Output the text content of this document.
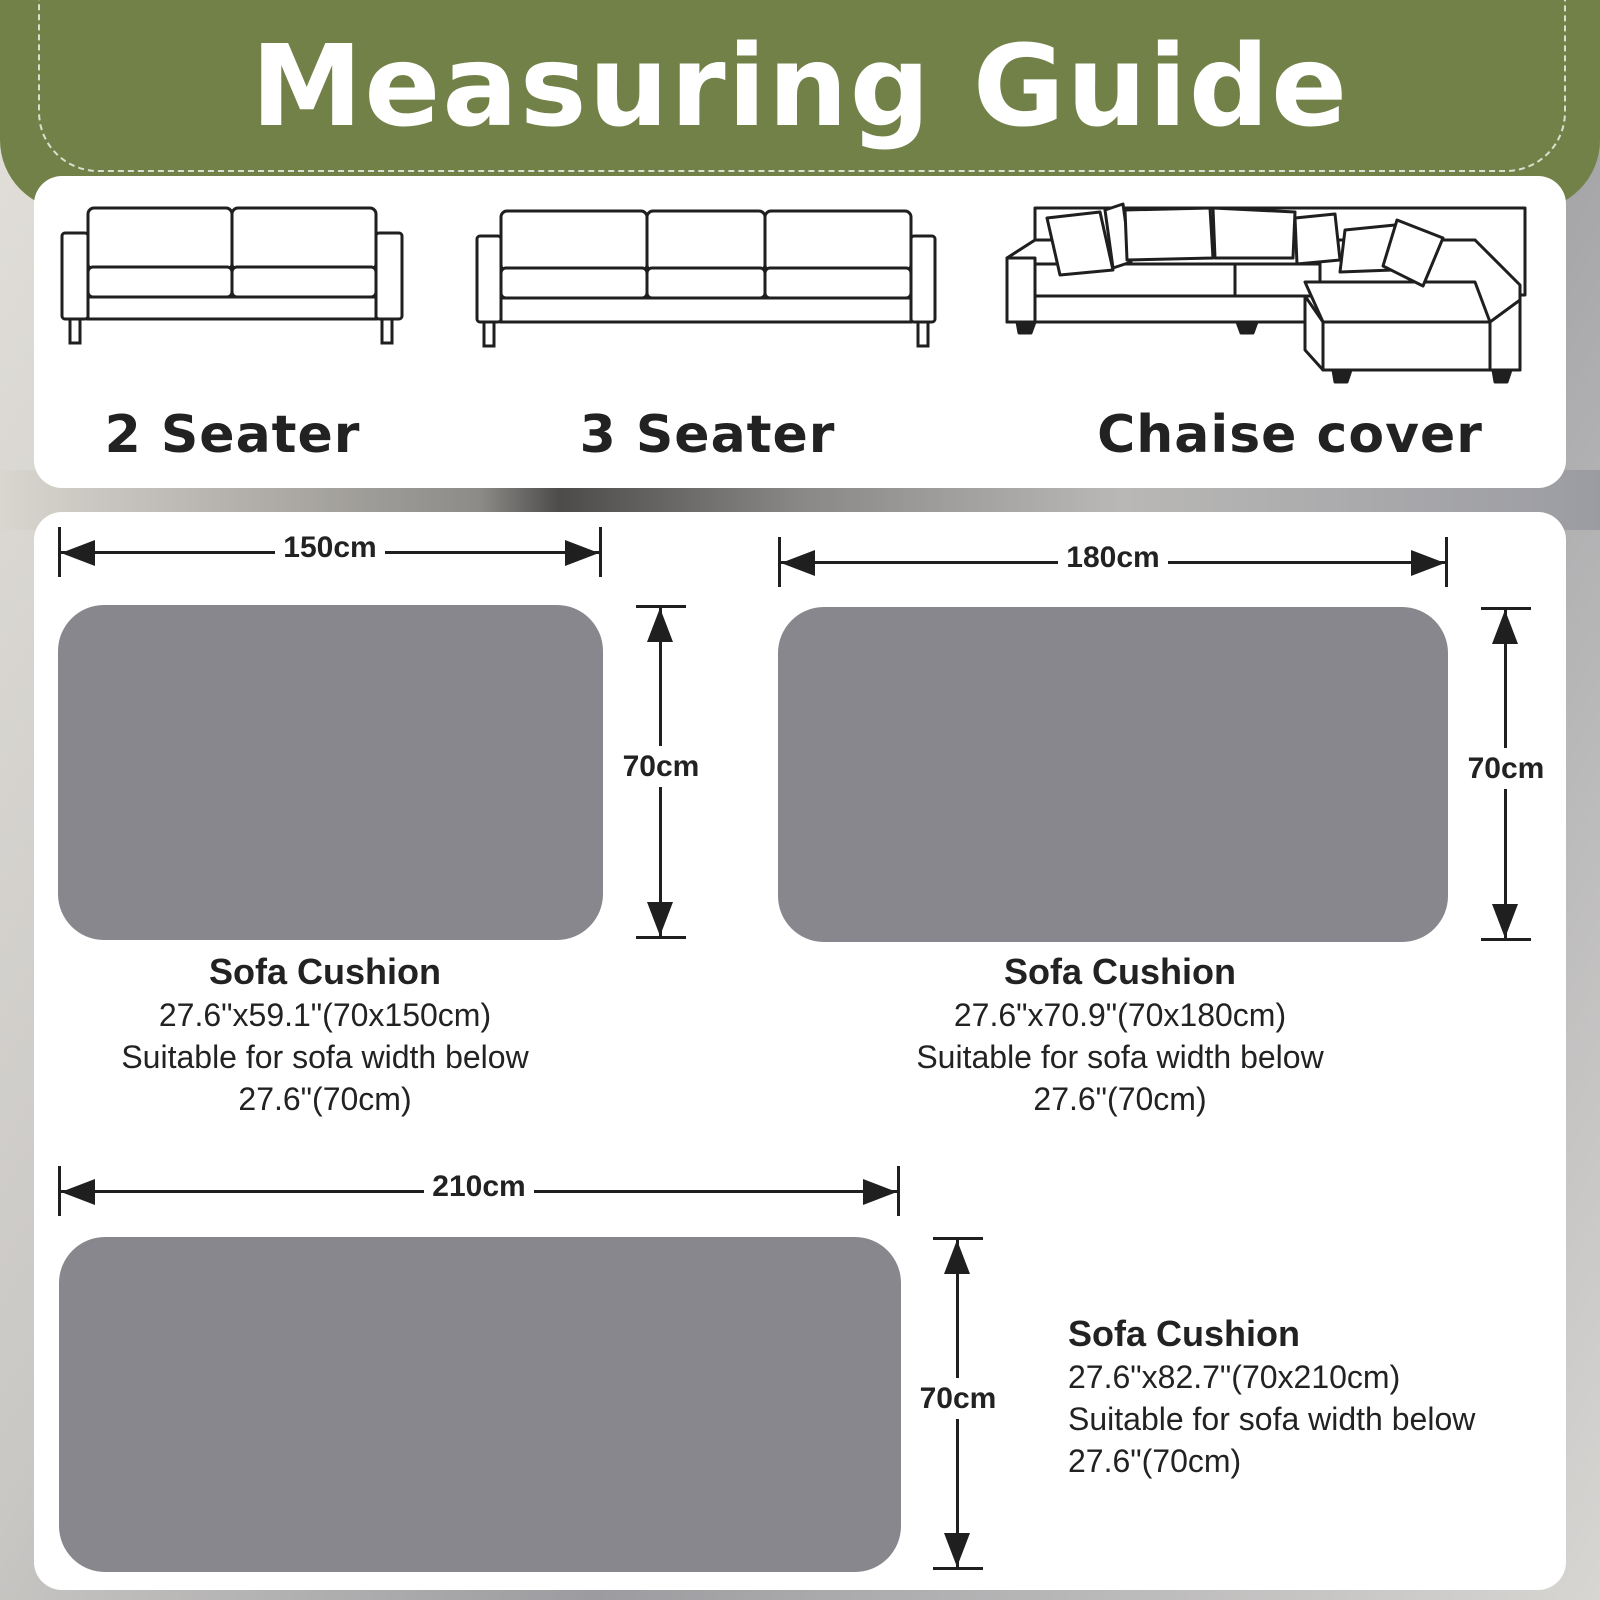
Measuring Guide
2 Seater	3 Seater	Chaise cover
150cm
70cm
Sofa Cushion
27.6"x59.1"(70x150cm)
Suitable for sofa width below
27.6"(70cm)
180cm
70cm
Sofa Cushion
27.6"x70.9"(70x180cm)
Suitable for sofa width below
27.6"(70cm)
210cm
70cm
Sofa Cushion
27.6"x82.7"(70x210cm)
Suitable for sofa width below
27.6"(70cm)
